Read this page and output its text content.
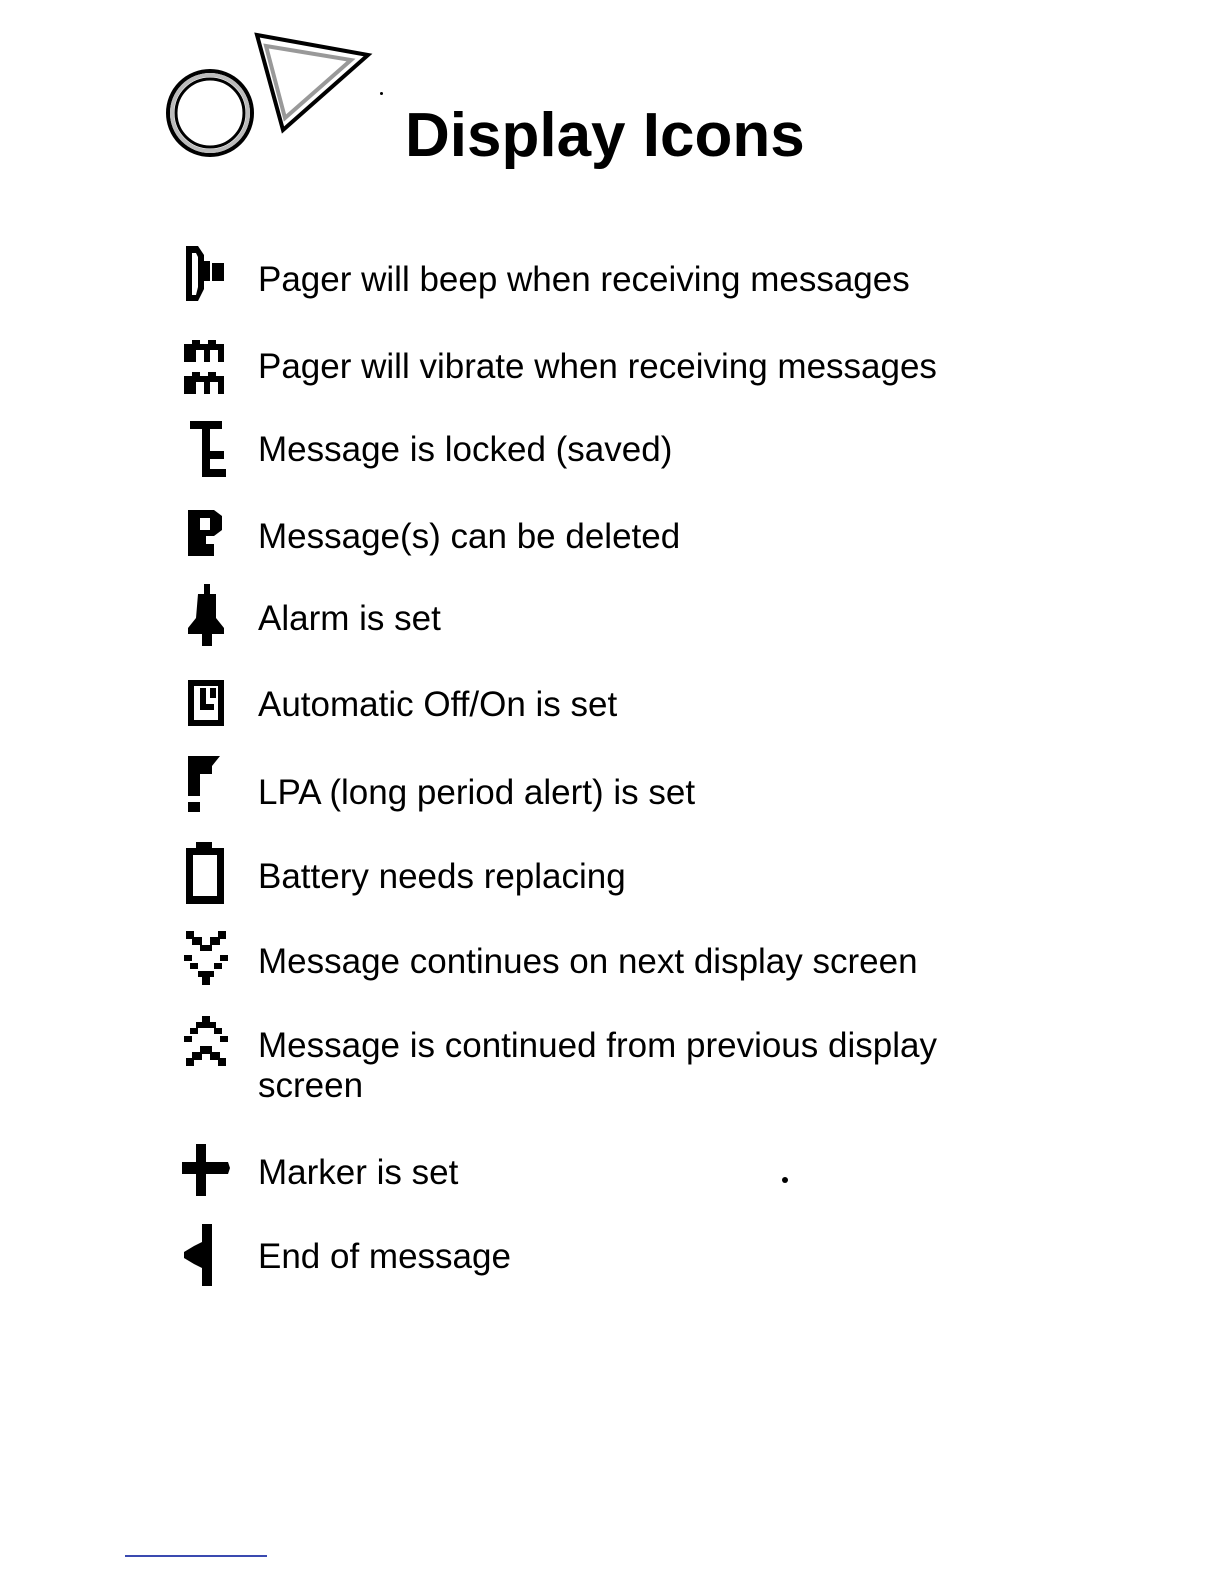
Display Icons
Pager will beep when receiving messages
Pager will vibrate when receiving messages
Message is locked (saved)
Message(s) can be deleted
Alarm is set
Automatic Off/On is set
LPA (long period alert) is set
Battery needs replacing
Message continues on next display screen
Message is continued from previous display screen
Marker is set
End of message
